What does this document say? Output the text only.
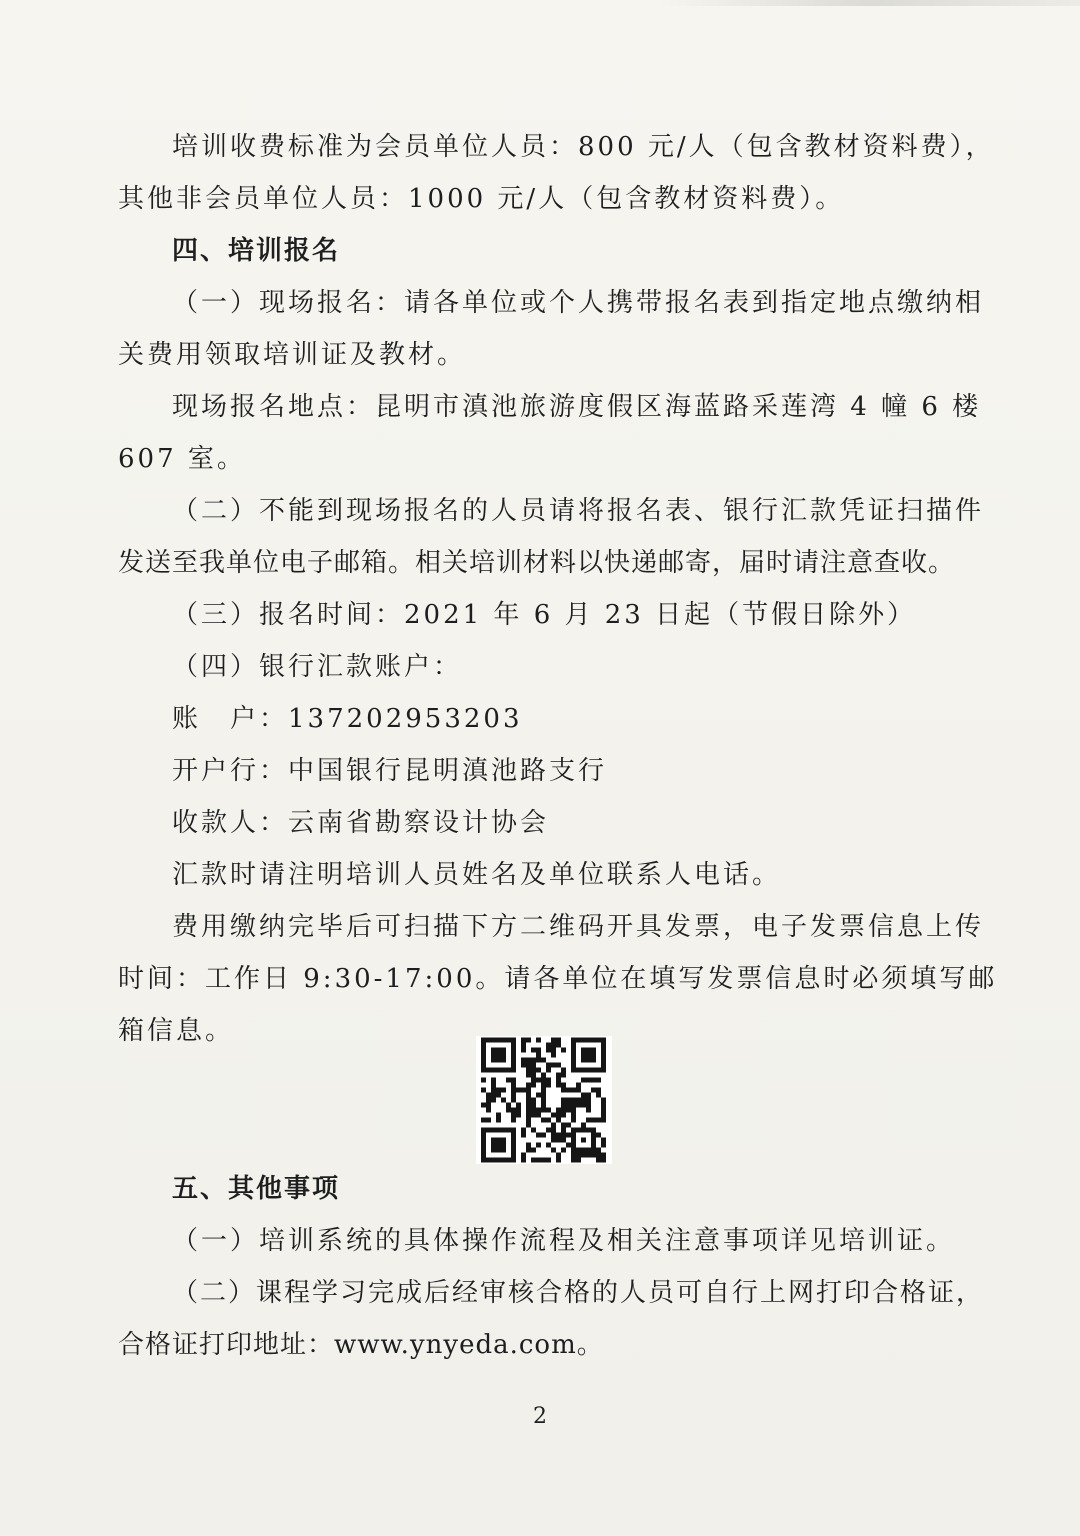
培训收费标准为会员单位人员：800 元/人（包含教材资料费），
其他非会员单位人员：1000 元/人（包含教材资料费）。
四、培训报名
（一）现场报名：请各单位或个人携带报名表到指定地点缴纳相
关费用领取培训证及教材。
现场报名地点：昆明市滇池旅游度假区海蓝路采莲湾 4 幢 6 楼
607 室。
（二）不能到现场报名的人员请将报名表、银行汇款凭证扫描件
发送至我单位电子邮箱。相关培训材料以快递邮寄，届时请注意查收。
（三）报名时间：2021 年 6 月 23 日起（节假日除外）
（四）银行汇款账户：
账　户：137202953203
开户行：中国银行昆明滇池路支行
收款人：云南省勘察设计协会
汇款时请注明培训人员姓名及单位联系人电话。
费用缴纳完毕后可扫描下方二维码开具发票，电子发票信息上传
时间：工作日 9:30-17:00。请各单位在填写发票信息时必须填写邮
箱信息。
五、其他事项
（一）培训系统的具体操作流程及相关注意事项详见培训证。
（二）课程学习完成后经审核合格的人员可自行上网打印合格证，
合格证打印地址：www.ynyeda.com。
2
